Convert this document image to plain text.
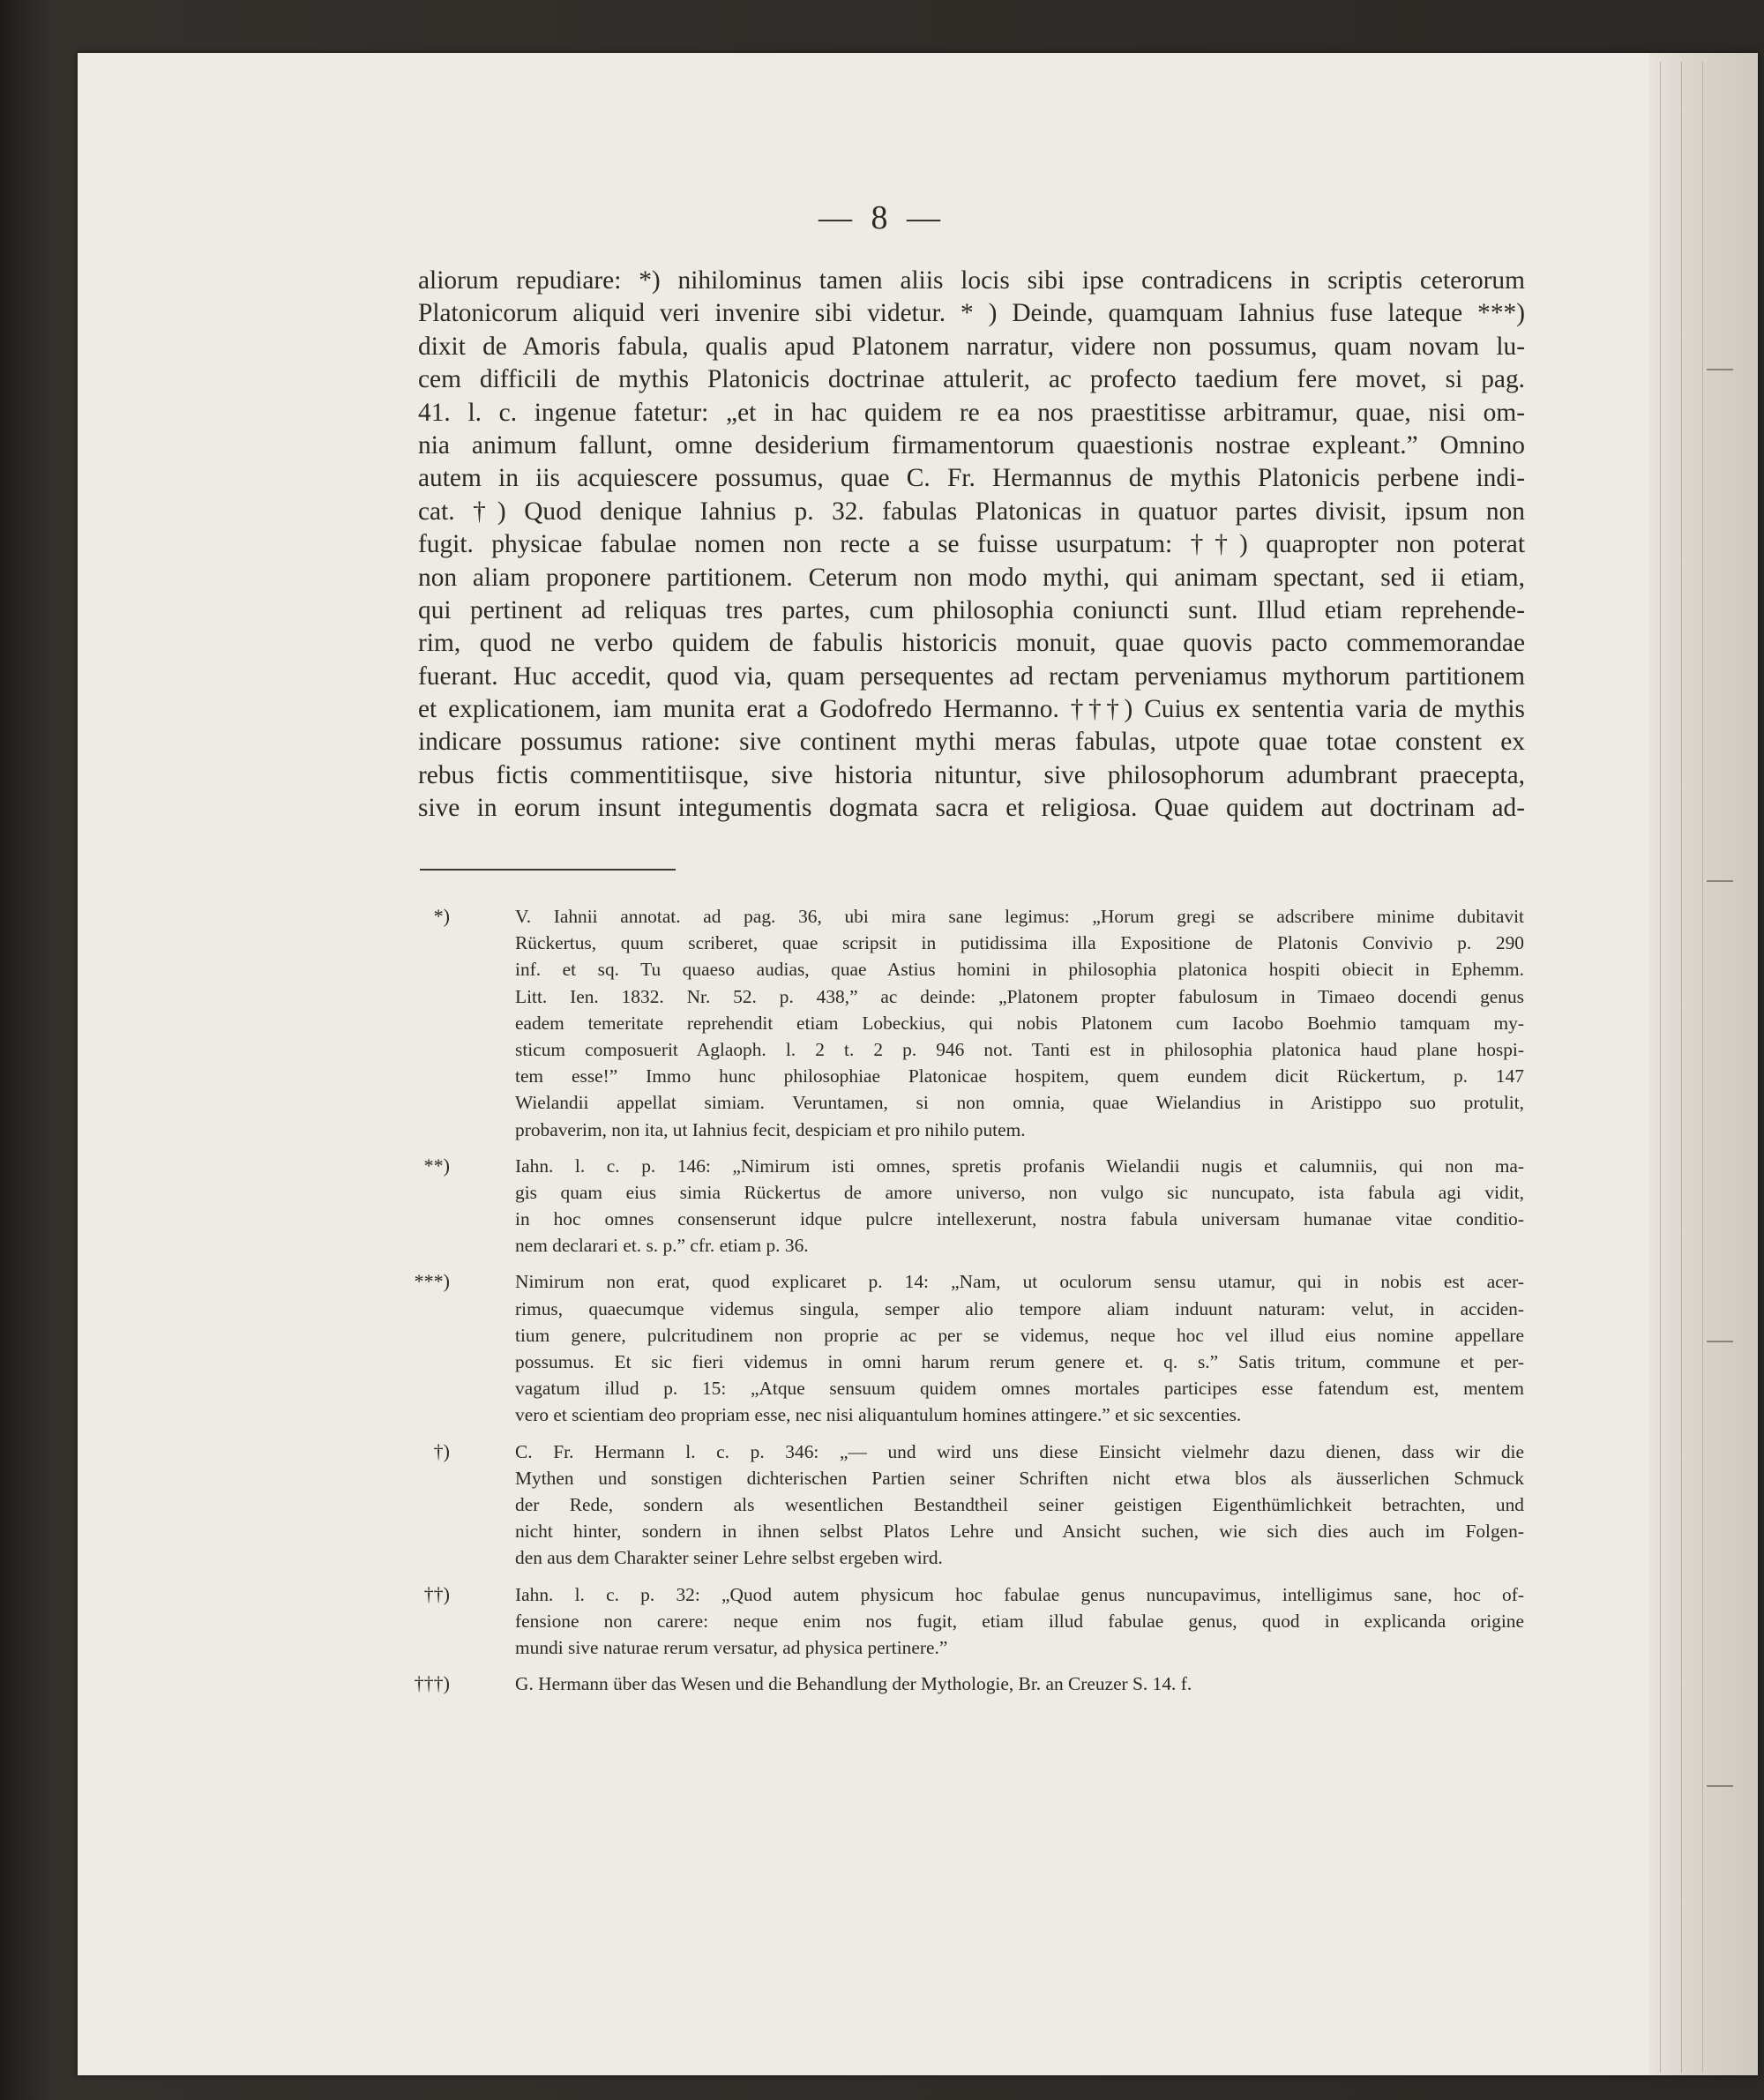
— 8 —
aliorum repudiare: *) nihilominus tamen aliis locis sibi ipse contradicens in scriptis ceterorum
Platonicorum aliquid veri invenire sibi videtur. * ) Deinde, quamquam Iahnius fuse lateque ***)
dixit de Amoris fabula, qualis apud Platonem narratur, videre non possumus, quam novam lu-
cem difficili de mythis Platonicis doctrinae attulerit, ac profecto taedium fere movet, si pag.
41. l. c. ingenue fatetur: „et in hac quidem re ea nos praestitisse arbitramur, quae, nisi om-
nia animum fallunt, omne desiderium firmamentorum quaestionis nostrae expleant.” Omnino
autem in iis acquiescere possumus, quae C. Fr. Hermannus de mythis Platonicis perbene indi-
cat. †) Quod denique Iahnius p. 32. fabulas Platonicas in quatuor partes divisit, ipsum non
fugit. physicae fabulae nomen non recte a se fuisse usurpatum: ††) quapropter non poterat
non aliam proponere partitionem. Ceterum non modo mythi, qui animam spectant, sed ii etiam,
qui pertinent ad reliquas tres partes, cum philosophia coniuncti sunt. Illud etiam reprehende-
rim, quod ne verbo quidem de fabulis historicis monuit, quae quovis pacto commemorandae
fuerant. Huc accedit, quod via, quam persequentes ad rectam perveniamus mythorum partitionem
et explicationem, iam munita erat a Godofredo Hermanno. †††) Cuius ex sententia varia de mythis
indicare possumus ratione: sive continent mythi meras fabulas, utpote quae totae constent ex
rebus fictis commentitiisque, sive historia nituntur, sive philosophorum adumbrant praecepta,
sive in eorum insunt integumentis dogmata sacra et religiosa. Quae quidem aut doctrinam ad-
*)	V. Iahnii annotat. ad pag. 36, ubi mira sane legimus: „Horum gregi se adscribere minime dubitavit
Rückertus, quum scriberet, quae scripsit in putidissima illa Expositione de Platonis Convivio p. 290
inf. et sq. Tu quaeso audias, quae Astius homini in philosophia platonica hospiti obiecit in Ephemm.
Litt. Ien. 1832. Nr. 52. p. 438,” ac deinde: „Platonem propter fabulosum in Timaeo docendi genus
eadem temeritate reprehendit etiam Lobeckius, qui nobis Platonem cum Iacobo Boehmio tamquam my-
sticum composuerit Aglaoph. l. 2 t. 2 p. 946 not. Tanti est in philosophia platonica haud plane hospi-
tem esse!” Immo hunc philosophiae Platonicae hospitem, quem eundem dicit Rückertum, p. 147
Wielandii appellat simiam. Veruntamen, si non omnia, quae Wielandius in Aristippo suo protulit,
probaverim, non ita, ut Iahnius fecit, despiciam et pro nihilo putem.
**)	Iahn. l. c. p. 146: „Nimirum isti omnes, spretis profanis Wielandii nugis et calumniis, qui non ma-
gis quam eius simia Rückertus de amore universo, non vulgo sic nuncupato, ista fabula agi vidit,
in hoc omnes consenserunt idque pulcre intellexerunt, nostra fabula universam humanae vitae conditio-
nem declarari et. s. p.” cfr. etiam p. 36.
***)	Nimirum non erat, quod explicaret p. 14: „Nam, ut oculorum sensu utamur, qui in nobis est acer-
rimus, quaecumque videmus singula, semper alio tempore aliam induunt naturam: velut, in acciden-
tium genere, pulcritudinem non proprie ac per se videmus, neque hoc vel illud eius nomine appellare
possumus. Et sic fieri videmus in omni harum rerum genere et. q. s.” Satis tritum, commune et per-
vagatum illud p. 15: „Atque sensuum quidem omnes mortales participes esse fatendum est, mentem
vero et scientiam deo propriam esse, nec nisi aliquantulum homines attingere.” et sic sexcenties.
†)	C. Fr. Hermann l. c. p. 346: „— und wird uns diese Einsicht vielmehr dazu dienen, dass wir die
Mythen und sonstigen dichterischen Partien seiner Schriften nicht etwa blos als äusserlichen Schmuck
der Rede, sondern als wesentlichen Bestandtheil seiner geistigen Eigenthümlichkeit betrachten, und
nicht hinter, sondern in ihnen selbst Platos Lehre und Ansicht suchen, wie sich dies auch im Folgen-
den aus dem Charakter seiner Lehre selbst ergeben wird.
††)	Iahn. l. c. p. 32: „Quod autem physicum hoc fabulae genus nuncupavimus, intelligimus sane, hoc of-
fensione non carere: neque enim nos fugit, etiam illud fabulae genus, quod in explicanda origine
mundi sive naturae rerum versatur, ad physica pertinere.”
†††)	G. Hermann über das Wesen und die Behandlung der Mythologie, Br. an Creuzer S. 14. f.
